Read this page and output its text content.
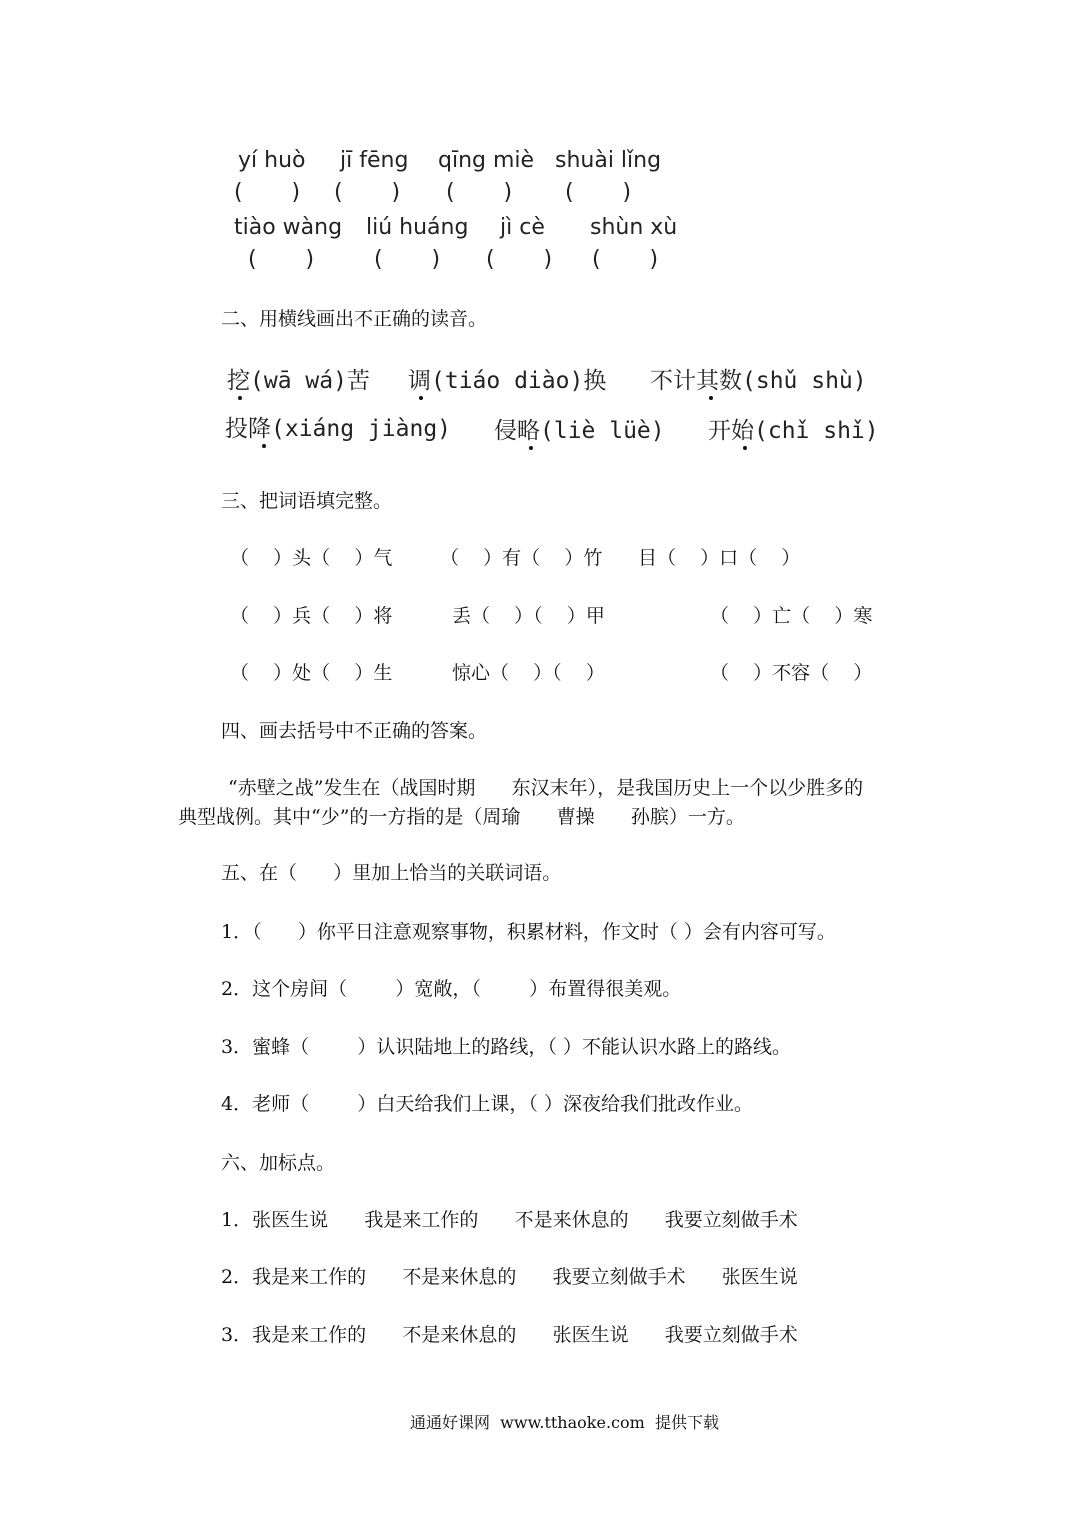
yí huò jī fēng qīng miè shuài lǐng
(       ) (       ) (       ) (       )
tiào wàng liú huáng jì cè shùn xù
(       )	(       ) (       ) (       )
二、用横线画出不正确的读音。
挖(wā wá)苦 调(tiáo diào)换 不计其数(shǔ shù)
投降(xiáng jiàng) 侵略(liè lüè) 开始(chǐ shǐ)
三、把词语填完整。
（    ）头（    ）气	（    ）有（    ）竹 目（    ）口（    ）
（    ）兵（    ）将	丢（    ）（    ）甲	（    ）亡（    ）寒
（    ）处（    ）生	惊心（    ）（    ）	（    ）不容（    ）
四、画去括号中不正确的答案。
“赤壁之战”发生在（战国时期      东汉末年），是我国历史上一个以少胜多的
典型战例。其中“少”的一方指的是（周瑜      曹操      孙膑）一方。
五、在（      ）里加上恰当的关联词语。
1．（      ）你平日注意观察事物，积累材料，作文时（ ）会有内容可写。
2．这个房间（        ）宽敞，（        ）布置得很美观。
3．蜜蜂（        ）认识陆地上的路线，（ ）不能认识水路上的路线。
4．老师（        ）白天给我们上课，（ ）深夜给我们批改作业。
六、加标点。
1．张医生说      我是来工作的      不是来休息的      我要立刻做手术
2．我是来工作的      不是来休息的      我要立刻做手术      张医生说
3．我是来工作的      不是来休息的      张医生说      我要立刻做手术
通通好课网  www.tthaoke.com  提供下载
